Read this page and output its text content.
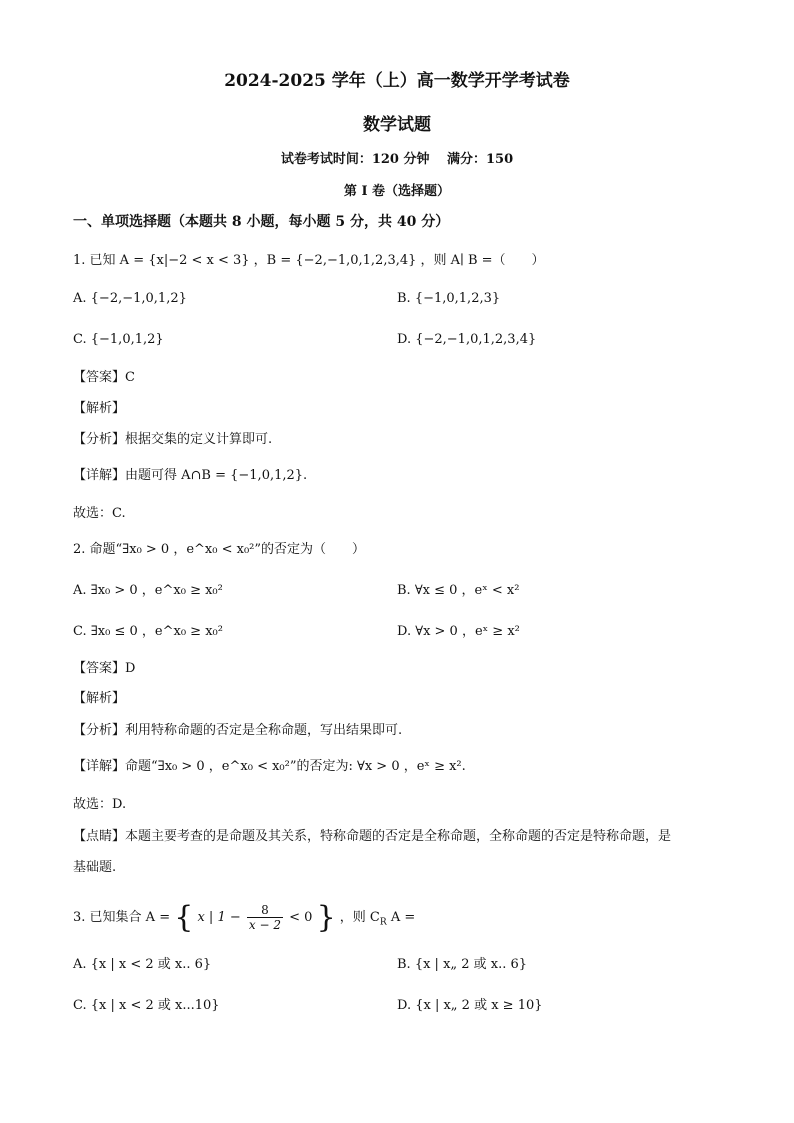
2024-2025 学年（上）高一数学开学考试卷
数学试题
试卷考试时间：120 分钟　 满分：150
第 I 卷（选择题）
一、单项选择题（本题共 8 小题，每小题 5 分，共 40 分）
1. 已知 A = {x|−2 < x < 3} ，B = {−2,−1,0,1,2,3,4} ，则 A∣ B =（　　）
A. {−2,−1,0,1,2}	B. {−1,0,1,2,3}
C. {−1,0,1,2}	D. {−2,−1,0,1,2,3,4}
【答案】C
【解析】
【分析】根据交集的定义计算即可.
【详解】由题可得 A∩B = {−1,0,1,2}.
故选：C.
2. 命题“∃x₀ > 0 ，e^x₀ < x₀²”的否定为（　　）
A. ∃x₀ > 0 ，e^x₀ ≥ x₀²	B. ∀x ≤ 0 ，eˣ < x²
C. ∃x₀ ≤ 0 ，e^x₀ ≥ x₀²	D. ∀x > 0 ，eˣ ≥ x²
【答案】D
【解析】
【分析】利用特称命题的否定是全称命题，写出结果即可.
【详解】命题“∃x₀ > 0 ，e^x₀ < x₀²”的否定为: ∀x > 0 ，eˣ ≥ x².
故选：D.
【点睛】本题主要考查的是命题及其关系，特称命题的否定是全称命题，全称命题的否定是特称命题，是
基础题.
3. 已知集合 A = { x | $1 - \frac{8}{x - 2} < 0$ } ，则 $C_R$ A =
A. {x | x < 2 或 x.. 6}	B. {x | x„ 2 或 x.. 6}
C. {x | x < 2 或 x...10}	D. {x | x„ 2 或 x ≥ 10}
